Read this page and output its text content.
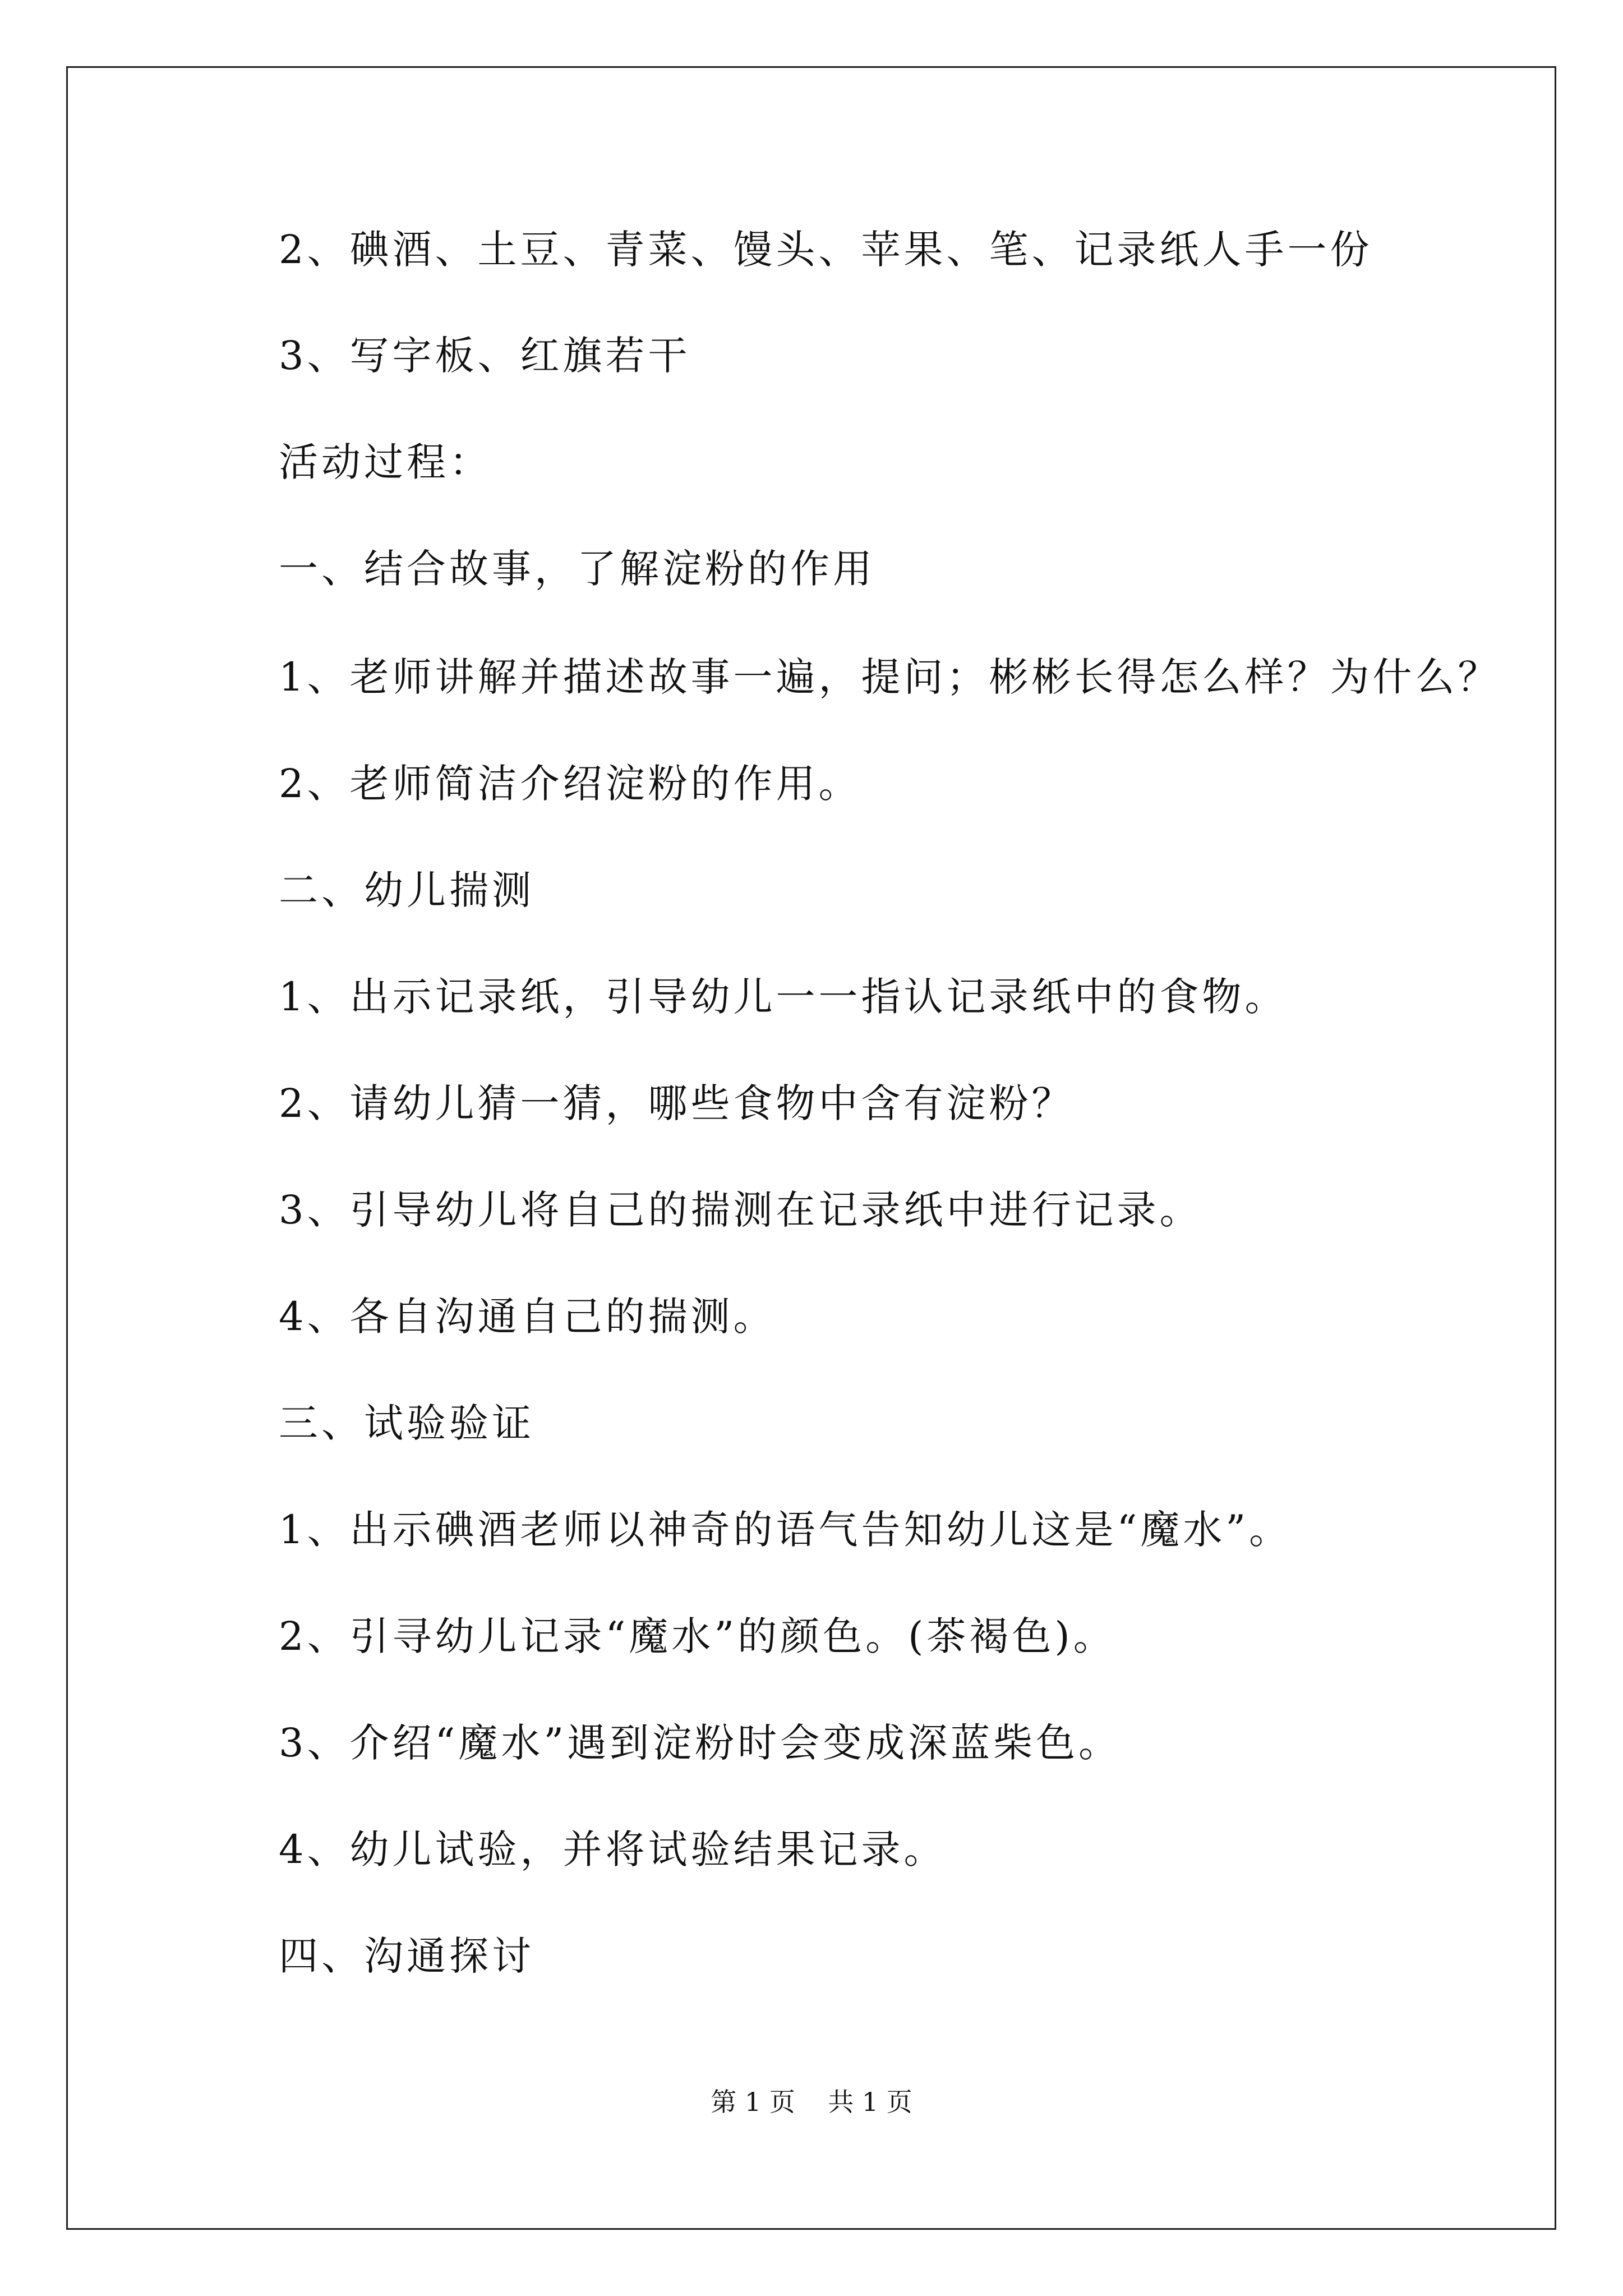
2、碘酒、土豆、青菜、馒头、苹果、笔、记录纸人手一份
3、写字板、红旗若干
活动过程：
一、结合故事，了解淀粉的作用
1、老师讲解并描述故事一遍，提问；彬彬长得怎么样？为什么？
2、老师简洁介绍淀粉的作用。
二、幼儿揣测
1、出示记录纸，引导幼儿一一指认记录纸中的食物。
2、请幼儿猜一猜，哪些食物中含有淀粉？
3、引导幼儿将自己的揣测在记录纸中进行记录。
4、各自沟通自己的揣测。
三、试验验证
1、出示碘酒老师以神奇的语气告知幼儿这是“魔水”。
2、引寻幼儿记录“魔水”的颜色。(茶褐色)。
3、介绍“魔水”遇到淀粉时会变成深蓝柴色。
4、幼儿试验，并将试验结果记录。
四、沟通探讨
第 1 页    共 1 页
